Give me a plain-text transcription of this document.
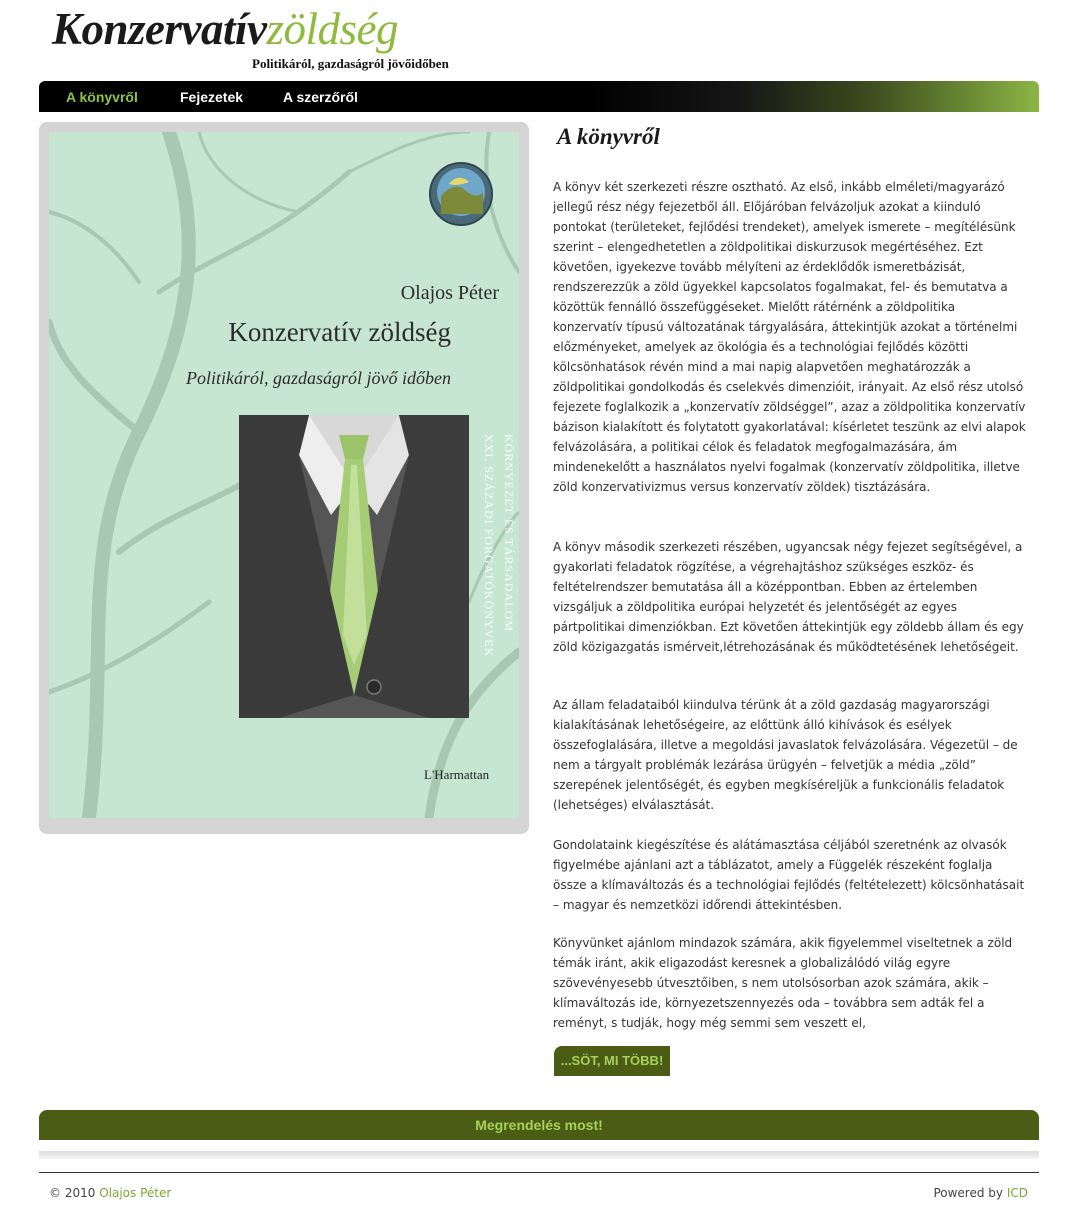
Konzervatívzöldség
Politikáról, gazdaságról jövőidőben
A könyvről	Fejezetek	A szerzőről
Olajos Péter
Konzervatív zöldség
Politikáról, gazdaságról jövő időben
KÖRNYEZET ÉS TÁRSADALOM
XXI. SZÁZADI FORGATÓKÖNYVEK
L'Harmattan
A könyvről

A könyv két szerkezeti részre osztható. Az első, inkább elméleti/magyarázó jellegű rész négy fejezetből áll. Előjáróban felvázoljuk azokat a kiinduló pontokat (területeket, fejlődési trendeket), amelyek ismerete – megítélésünk szerint – elengedhetetlen a zöldpolitikai diskurzusok megértéséhez. Ezt követően, igyekezve tovább mélyíteni az érdeklődők ismeretbázisát, rendszerezzük a zöld ügyekkel kapcsolatos fogalmakat, fel- és bemutatva a közöttük fennálló összefüggéseket. Mielőtt rátérnénk a zöldpolitika konzervatív típusú változatának tárgyalására, áttekintjük azokat a történelmi előzményeket, amelyek az ökológia és a technológiai fejlődés közötti kölcsönhatások révén mind a mai napig alapvetően meghatározzák a zöldpolitikai gondolkodás és cselekvés dimenzióit, irányait. Az első rész utolsó fejezete foglalkozik a „konzervatív zöldséggel”, azaz a zöldpolitika konzervatív bázison kialakított és folytatott gyakorlatával: kísérletet teszünk az elvi alapok felvázolására, a politikai célok és feladatok megfogalmazására, ám mindenekelőtt a használatos nyelvi fogalmak (konzervatív zöldpolitika, illetve zöld konzervativizmus versus konzervatív zöldek) tisztázására.

A könyv második szerkezeti részében, ugyancsak négy fejezet segítségével, a gyakorlati feladatok rögzítése, a végrehajtáshoz szükséges eszköz- és feltételrendszer bemutatása áll a középpontban. Ebben az értelemben vizsgáljuk a zöldpolitika európai helyzetét és jelentőségét az egyes pártpolitikai dimenziókban. Ezt követően áttekintjük egy zöldebb állam és egy zöld közigazgatás ismérveit,létrehozásának és működtetésének lehetőségeit.

Az állam feladataiból kiindulva térünk át a zöld gazdaság magyarországi kialakításának lehetőségeire, az előttünk álló kihívások és esélyek összefoglalására, illetve a megoldási javaslatok felvázolására. Végezetül – de nem a tárgyalt problémák lezárása ürügyén – felvetjük a média „zöld” szerepének jelentőségét, és egyben megkíséreljük a funkcionális feladatok (lehetséges) elválasztását.

Gondolataink kiegészítése és alátámasztása céljából szeretnénk az olvasók figyelmébe ajánlani azt a táblázatot, amely a Függelék részeként foglalja össze a klímaváltozás és a technológiai fejlődés (feltételezett) kölcsönhatásait – magyar és nemzetközi időrendi áttekintésben.

Könyvünket ajánlom mindazok számára, akik figyelemmel viseltetnek a zöld témák iránt, akik eligazodást keresnek a globalizálódó világ egyre szövevényesebb útvesztőiben, s nem utolsósorban azok számára, akik – klímaváltozás ide, környezetszennyezés oda – továbbra sem adták fel a reményt, s tudják, hogy még semmi sem veszett el,

...SÖT, MI TÖBB!
Megrendelés most!
© 2010 Olajos Péter	Powered by ICD
